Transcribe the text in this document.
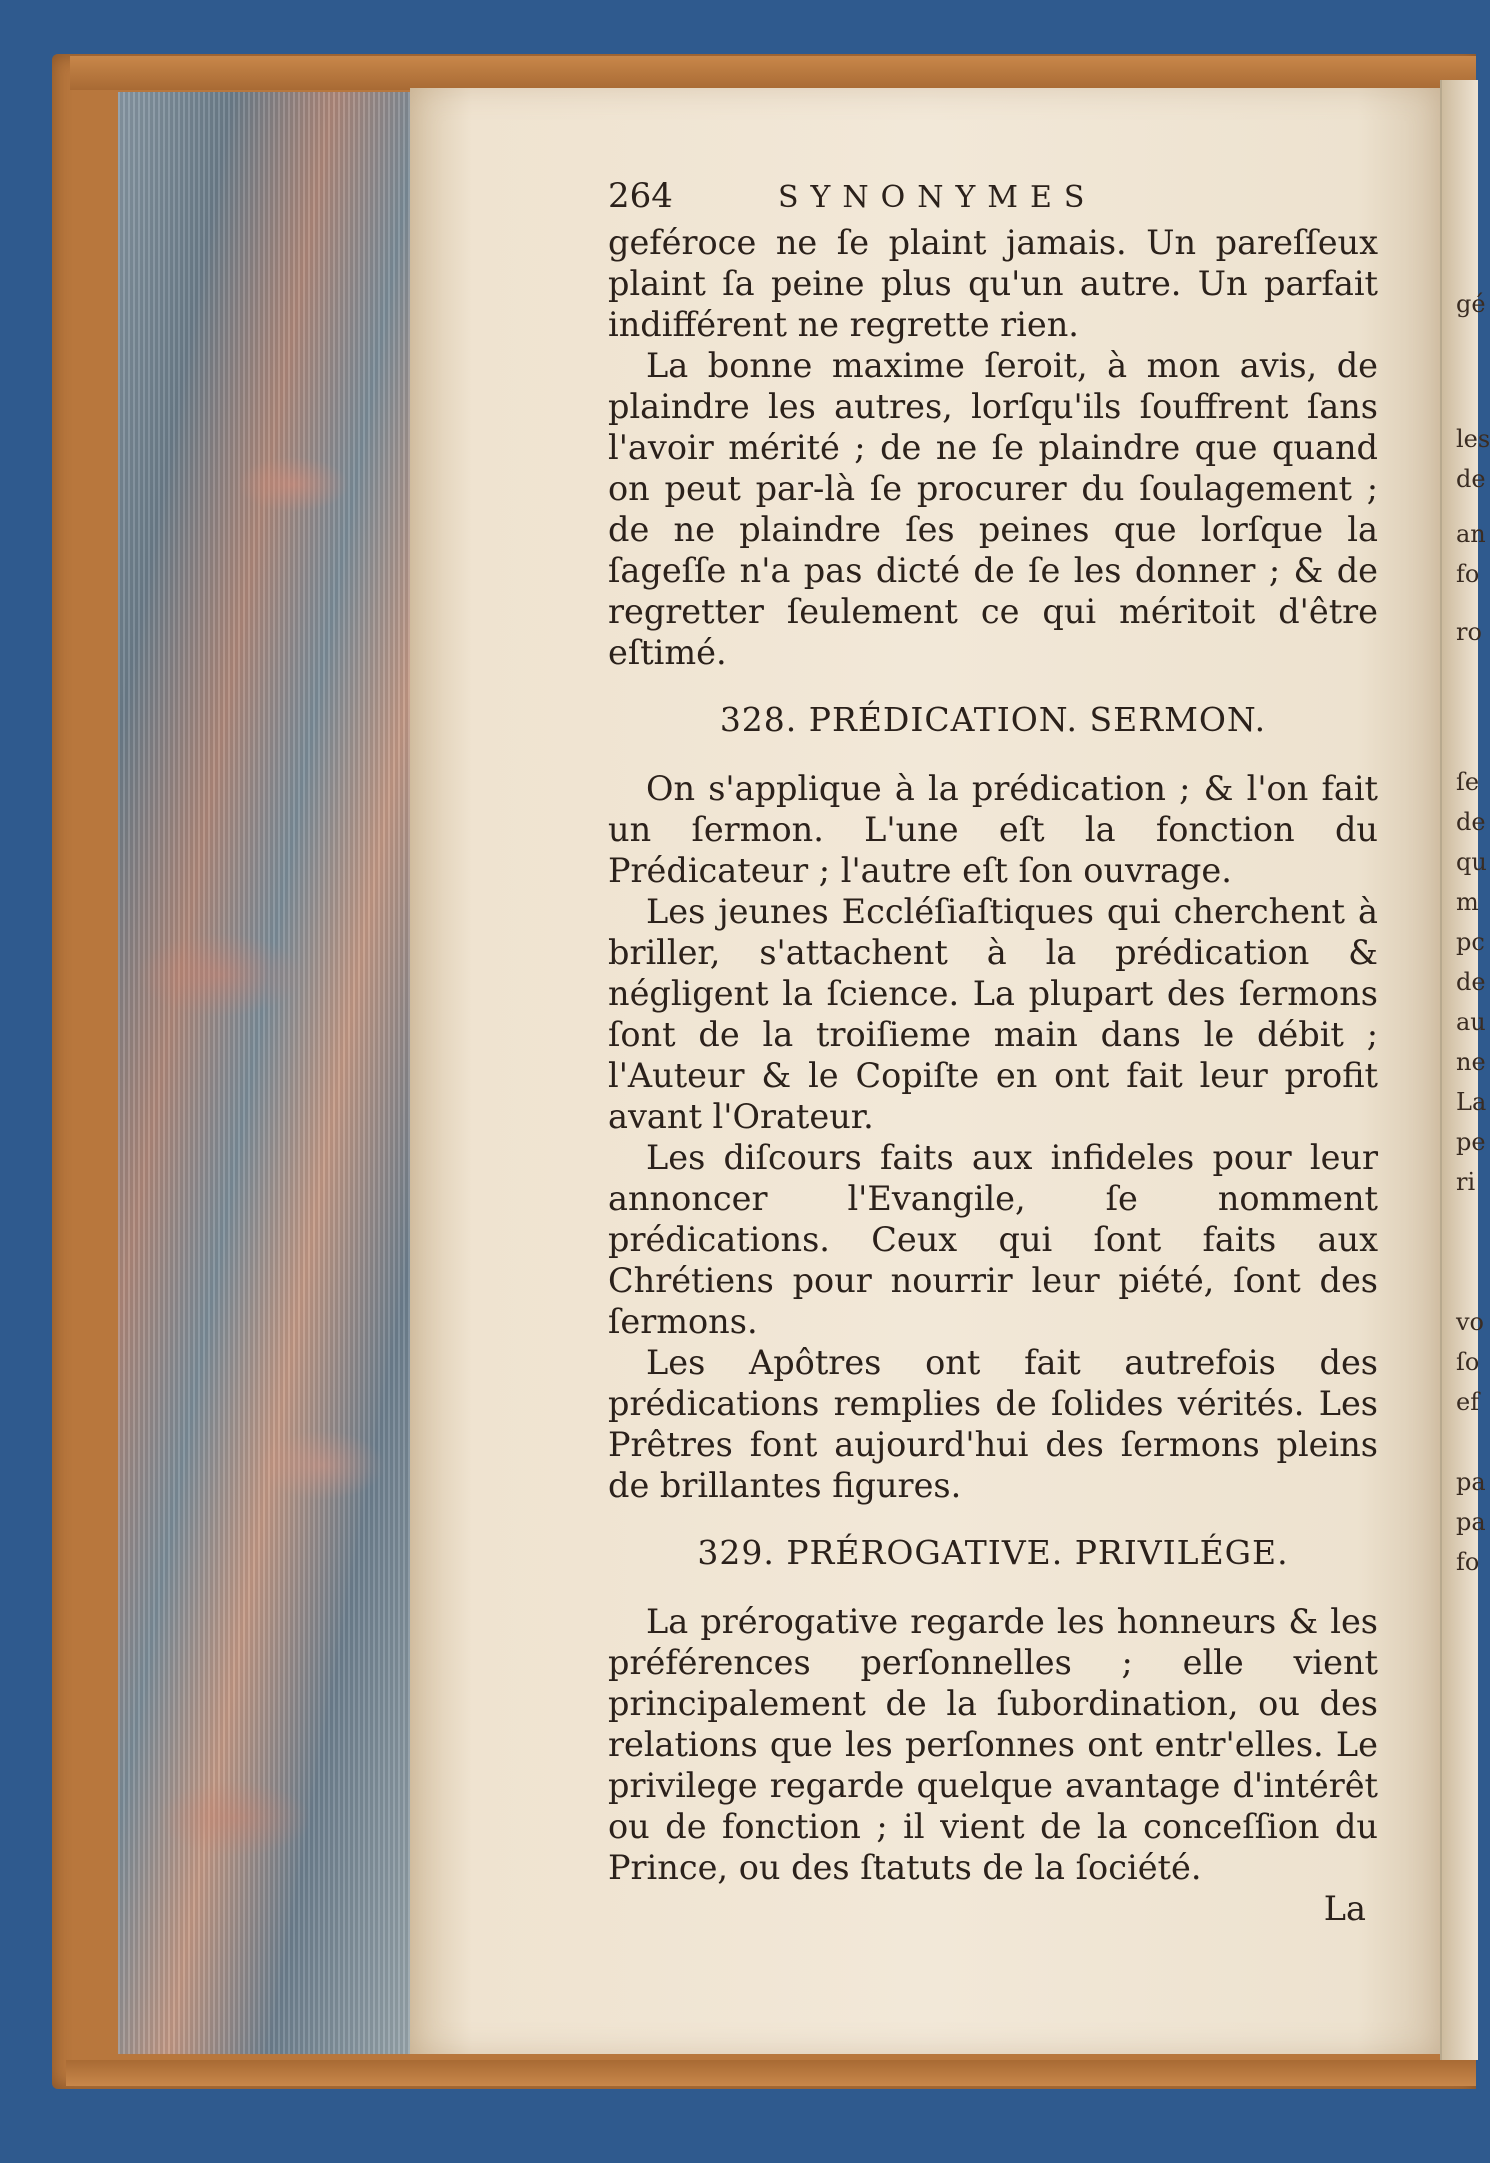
gé
les
de
an
fo
ro
ſe
de
qu
m
pc
de
au
ne
La
pe
ri
vo
ſo
ef
pa
pa
fo
264	SYNONYMES

geféroce ne ſe plaint jamais. Un pareſſeux plaint ſa peine plus qu'un autre. Un parfait indifférent ne regrette rien.

La bonne maxime ſeroit, à mon avis, de plaindre les autres, lorſqu'ils ſouffrent ſans l'avoir mérité ; de ne ſe plaindre que quand on peut par-là ſe procurer du ſoulagement ; de ne plaindre ſes peines que lorſque la ſageſſe n'a pas dicté de ſe les donner ; & de regretter ſeulement ce qui méritoit d'être eſtimé.

328. PRÉDICATION. SERMON.

On s'applique à la prédication ; & l'on fait un ſermon. L'une eſt la fonction du Prédicateur ; l'autre eſt ſon ouvrage.

Les jeunes Eccléſiaſtiques qui cherchent à briller, s'attachent à la prédication & négligent la ſcience. La plupart des ſermons ſont de la troiſieme main dans le débit ; l'Auteur & le Copiſte en ont fait leur profit avant l'Orateur.

Les diſcours faits aux infideles pour leur annoncer l'Evangile, ſe nomment prédications. Ceux qui ſont faits aux Chrétiens pour nourrir leur piété, ſont des ſermons.

Les Apôtres ont fait autrefois des prédications remplies de ſolides vérités. Les Prêtres font aujourd'hui des ſermons pleins de brillantes figures.

329. PRÉROGATIVE. PRIVILÉGE.

La prérogative regarde les honneurs & les préférences perſonnelles ; elle vient principalement de la ſubordination, ou des relations que les perſonnes ont entr'elles. Le privilege regarde quelque avantage d'intérêt ou de fonction ; il vient de la conceſſion du Prince, ou des ſtatuts de la ſociété.

La
